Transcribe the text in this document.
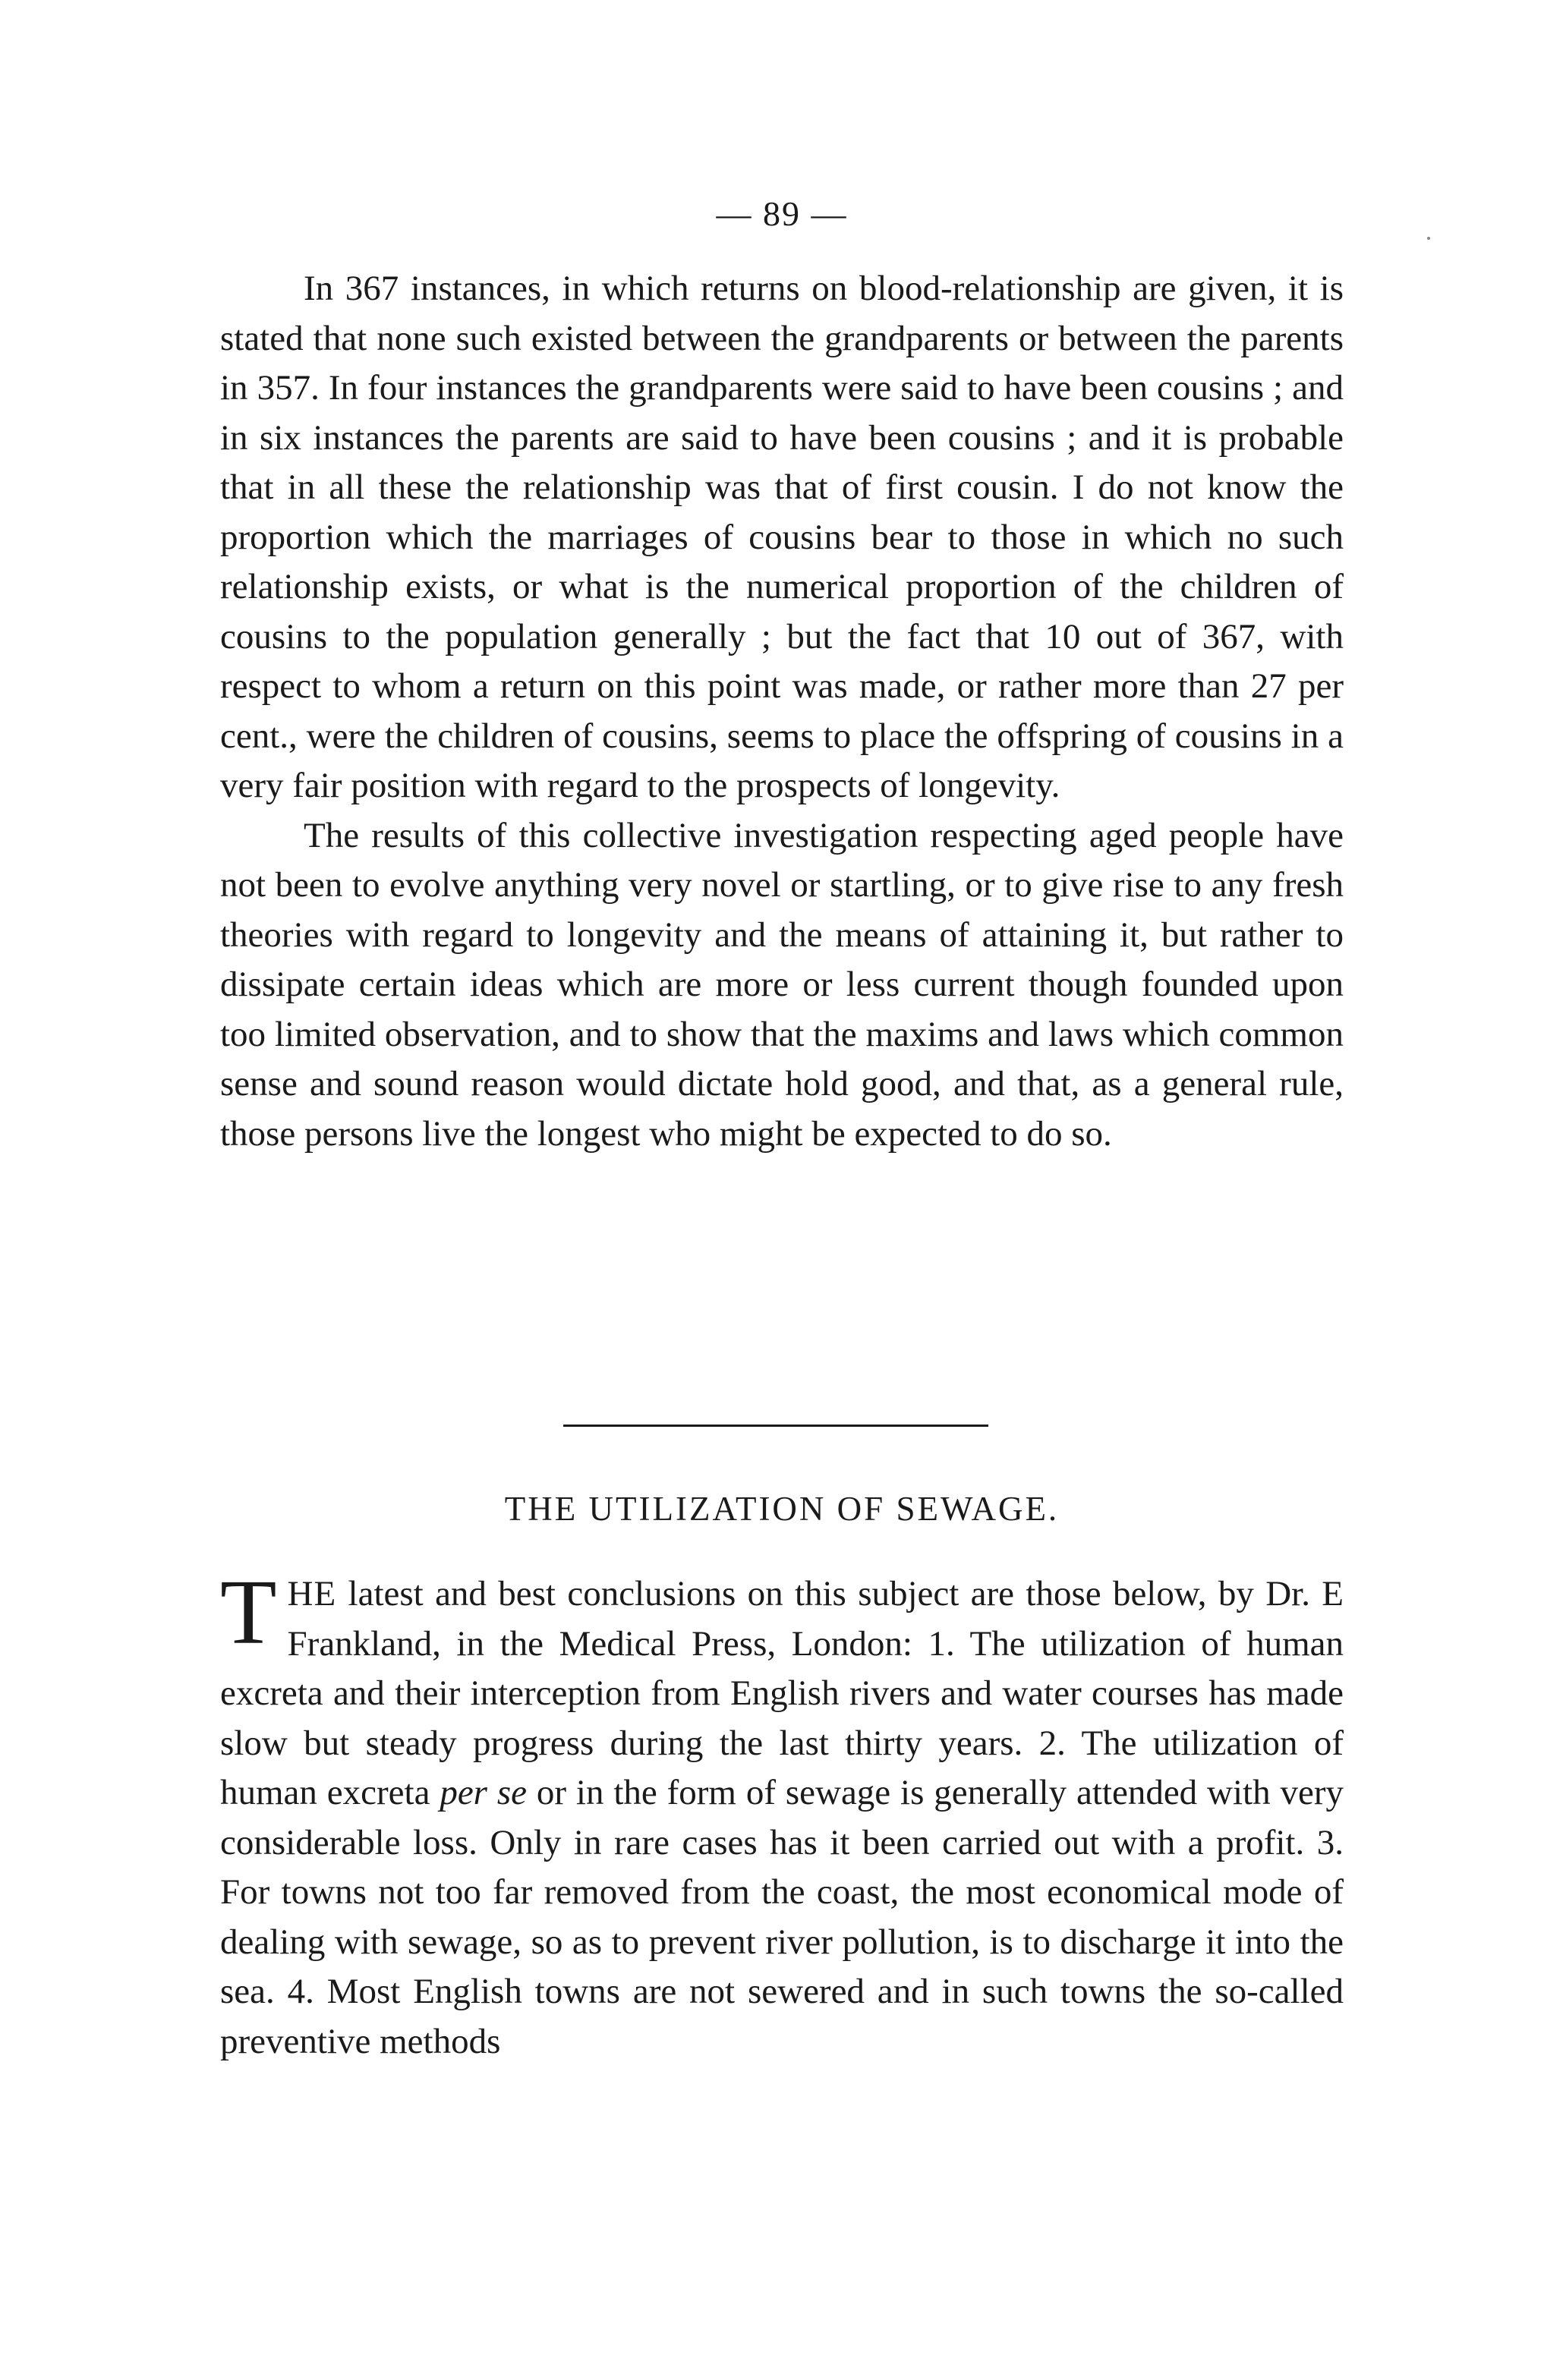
— 89 —

In 367 instances, in which returns on blood-relationship are given, it is stated that none such existed between the grandparents or between the parents in 357. In four instances the grandparents were said to have been cousins ; and in six instances the parents are said to have been cousins ; and it is probable that in all these the relationship was that of first cousin. I do not know the proportion which the marriages of cousins bear to those in which no such relationship exists, or what is the numerical proportion of the children of cousins to the population generally ; but the fact that 10 out of 367, with respect to whom a return on this point was made, or rather more than 27 per cent., were the children of cousins, seems to place the offspring of cousins in a very fair position with regard to the prospects of longevity.

The results of this collective investigation respecting aged people have not been to evolve anything very novel or startling, or to give rise to any fresh theories with regard to longevity and the means of attaining it, but rather to dissipate certain ideas which are more or less current though founded upon too limited observation, and to show that the maxims and laws which common sense and sound reason would dictate hold good, and that, as a general rule, those persons live the longest who might be expected to do so.

THE UTILIZATION OF SEWAGE.

THE latest and best conclusions on this subject are those below, by Dr. E Frankland, in the Medical Press, London: 1. The utilization of human excreta and their interception from English rivers and water courses has made slow but steady progress during the last thirty years. 2. The utilization of human excreta per se or in the form of sewage is generally attended with very considerable loss. Only in rare cases has it been carried out with a profit. 3. For towns not too far removed from the coast, the most economical mode of dealing with sewage, so as to prevent river pollution, is to discharge it into the sea. 4. Most English towns are not sewered and in such towns the so-called preventive methods
